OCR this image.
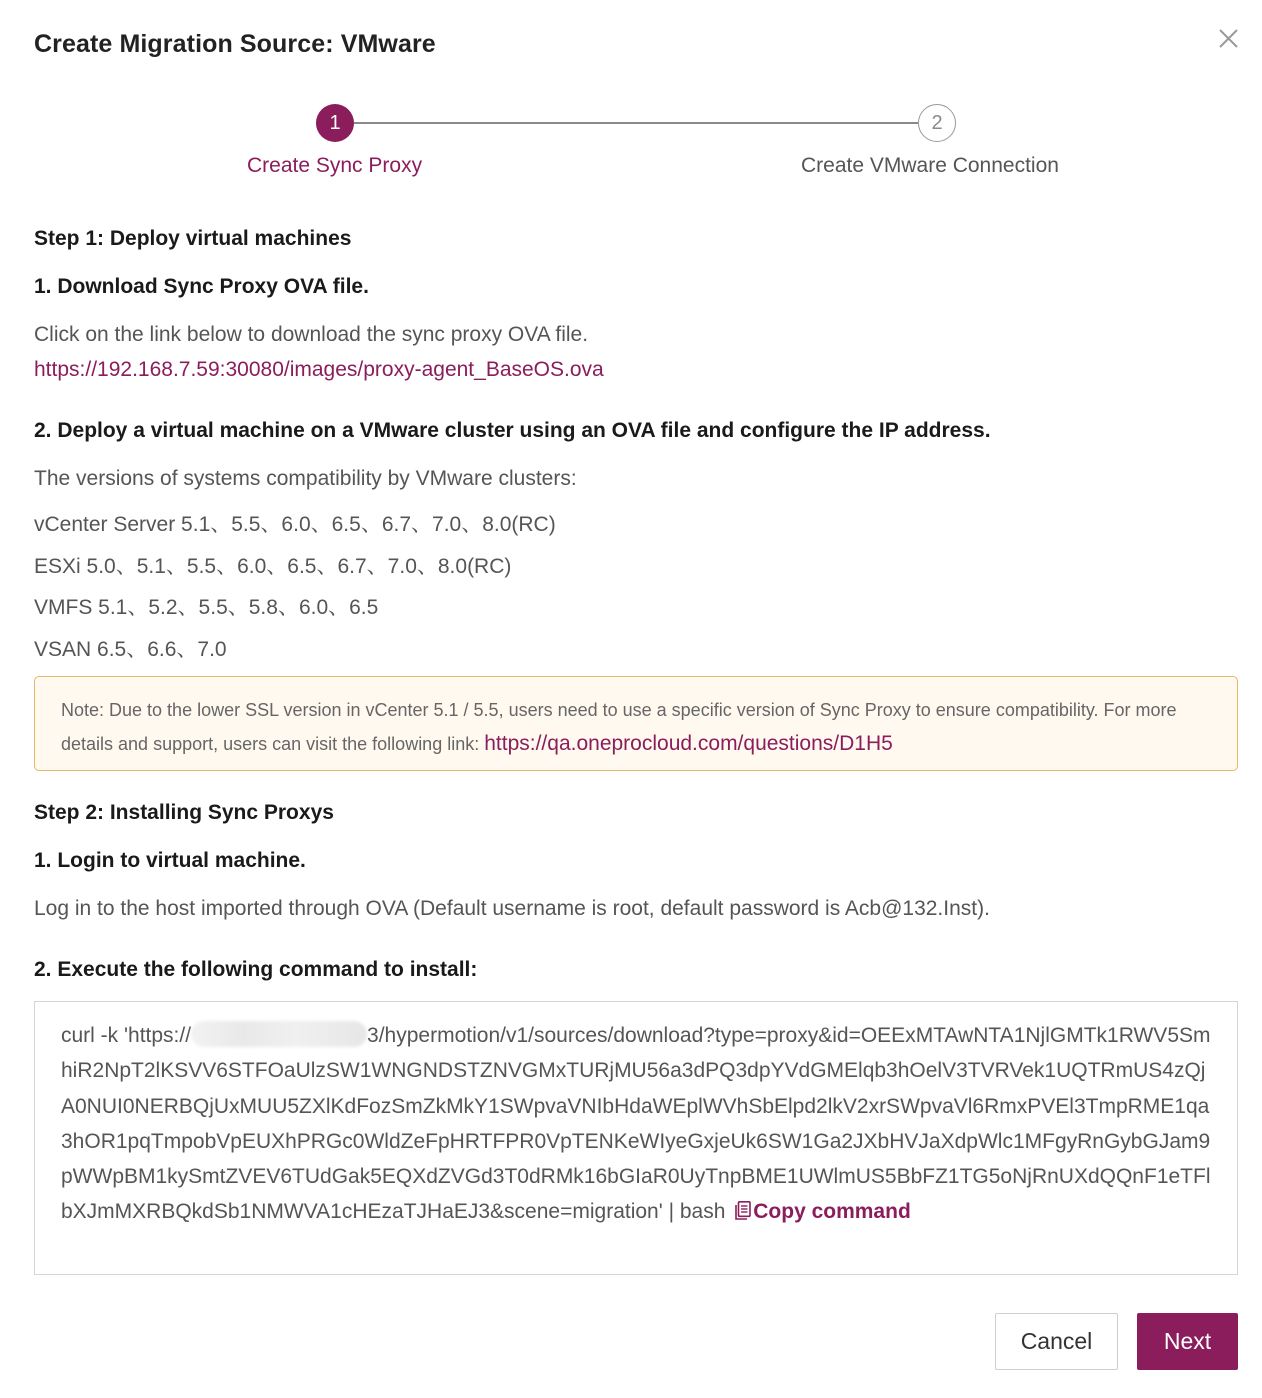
Create Migration Source: VMware
1	2
Create Sync Proxy	Create VMware Connection
Step 1: Deploy virtual machines
1. Download Sync Proxy OVA file.
Click on the link below to download the sync proxy OVA file.
https://192.168.7.59:30080/images/proxy-agent_BaseOS.ova
2. Deploy a virtual machine on a VMware cluster using an OVA file and configure the IP address.
The versions of systems compatibility by VMware clusters:
vCenter Server 5.1、5.5、6.0、6.5、6.7、7.0、8.0(RC)
ESXi 5.0、5.1、5.5、6.0、6.5、6.7、7.0、8.0(RC)
VMFS 5.1、5.2、5.5、5.8、6.0、6.5
VSAN 6.5、6.6、7.0
Note: Due to the lower SSL version in vCenter 5.1 / 5.5, users need to use a specific version of Sync Proxy to ensure compatibility. For more details and support, users can visit the following link: https://qa.oneprocloud.com/questions/D1H5
Step 2: Installing Sync Proxys
1. Login to virtual machine.
Log in to the host imported through OVA (Default username is root, default password is Acb@132.Inst).
2. Execute the following command to install:
curl -k 'https://	3/hypermotion/v1/sources/download?type=proxy&id=OEExMTAwNTA1NjlGMTk1RWV5SmhiR2NpT2lKSVV6STFOaUlzSW1WNGNDSTZNVGMxTURjMU56a3dPQ3dpYVdGMElqb3hOelV3TVRVek1UQTRmUS4zQjA0NUI0NERBQjUxMUU5ZXlKdFozSmZkMkY1SWpvaVNIbHdaWEplWVhSbElpd2lkV2xrSWpvaVl6RmxPVEl3TmpRME1qa3hOR1pqTmpobVpEUXhPRGc0WldZeFpHRTFPR0VpTENKeWIyeGxjeUk6SW1Ga2JXbHVJaXdpWlc1MFgyRnGybGJam9pWWpBM1kySmtZVEV6TUdGak5EQXdZVGd3T0dRMk16bGIaR0UyTnpBME1UWlmUS5BbFZ1TG5oNjRnUXdQQnF1eTFlbXJmMXRBQkdSb1NMWVA1cHEzaTJHaEJ3&scene=migration' | bash Copy command
Cancel	Next
